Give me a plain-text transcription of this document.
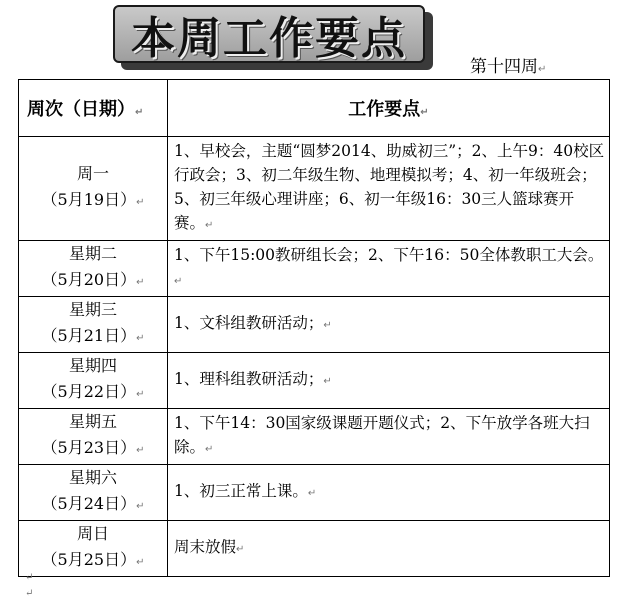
本周工作要点
第十四周↵
周次（日期）↵	工作要点↵

周一
（5月19日）↵	1、早校会，主题“圆梦2014、助威初三”；2、上午9：40校区行政会；3、初二年级生物、地理模拟考；4、初一年级班会；5、初三年级心理讲座；6、初一年级16：30三人篮球赛开赛。↵

星期二
（5月20日）↵	1、下午15:00教研组长会；2、下午16：50全体教职工大会。↵

星期三
（5月21日）↵	1、文科组教研活动；↵

星期四
（5月22日）↵	1、理科组教研活动；↵

星期五
（5月23日）↵	1、下午14：30国家级课题开题仪式；2、下午放学各班大扫除。↵

星期六
（5月24日）↵	1、初三正常上课。↵

周日
（5月25日）↵	周末放假↵
↵
↵
